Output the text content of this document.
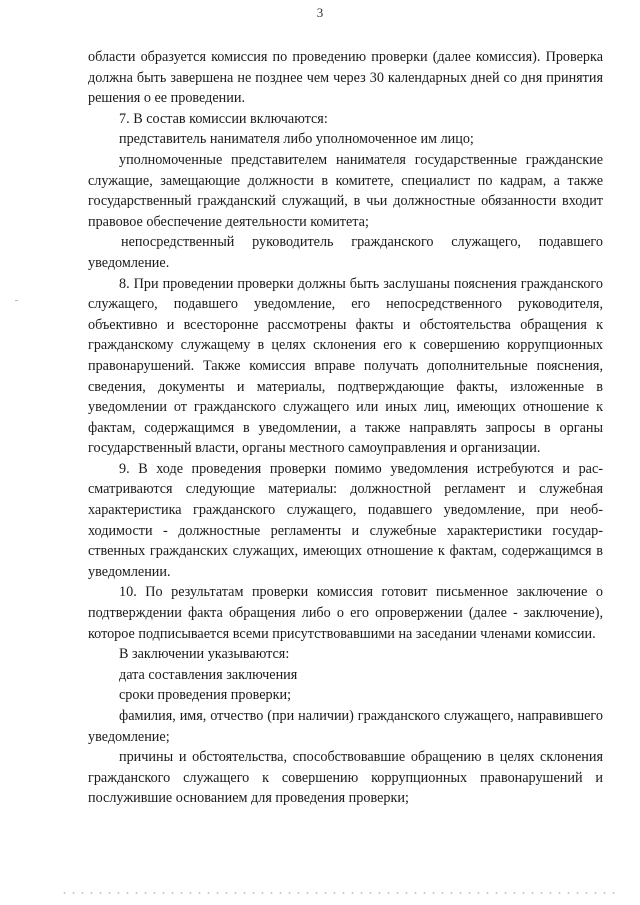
3

области образуется комиссия по проведению проверки (далее комиссия). Проверка должна быть завершена не позднее чем через 30 календарных дней со дня принятия решения о ее проведении.

7. В состав комиссии включаются:

представитель нанимателя либо уполномоченное им лицо;

уполномоченные представителем нанимателя государственные гражданские служащие, замещающие должности в комитете, специалист по кадрам, а также государственный гражданский служащий, в чьи должностные обязанности входит правовое обеспечение деятельности комитета;

непосредственный руководитель гражданского служащего, подавшего уведомление.

8. При проведении проверки должны быть заслушаны пояснения гражданского служащего, подавшего уведомление, его непосредственного руководителя, объективно и всесторонне рассмотрены факты и обстоятельства обращения к гражданскому служащему в целях склонения его к совершению коррупционных правонарушений. Также комиссия вправе получать дополнительные пояснения, сведения, документы и материалы, подтверждающие факты, изложенные в уведомлении от гражданского служащего или иных лиц, имеющих отношение к фактам, содержащимся в уведомлении, а также направлять запросы в органы государственный власти, органы местного самоуправления и организации.

9. В ходе проведения проверки помимо уведомления истребуются и рассматриваются следующие материалы: должностной регламент и служебная характеристика гражданского служащего, подавшего уведомление, при необходимости - должностные регламенты и служебные характеристики государственных гражданских служащих, имеющих отношение к фактам, содержащимся в уведомлении.

10. По результатам проверки комиссия готовит письменное заключение о подтверждении факта обращения либо о его опровержении (далее - заключение), которое подписывается всеми присутствовавшими на заседании членами комиссии.

В заключении указываются:

дата составления заключения

сроки проведения проверки;

фамилия, имя, отчество (при наличии) гражданского служащего, направившего уведомление;

причины и обстоятельства, способствовавшие обращению в целях склонения гражданского служащего к совершению коррупционных правонарушений и послужившие основанием для проведения проверки;
